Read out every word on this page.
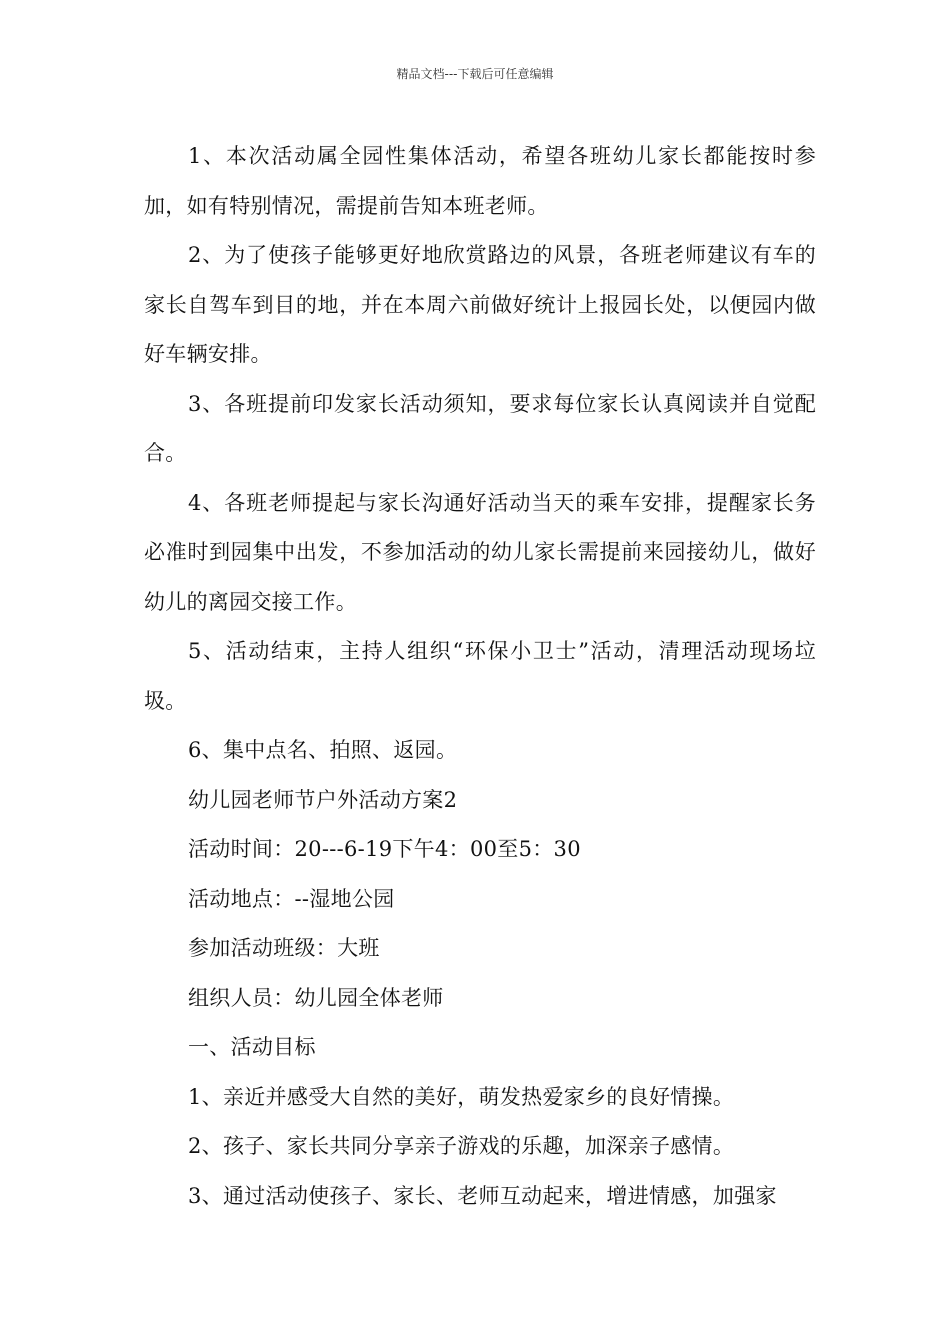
精品文档---下载后可任意编辑

1、本次活动属全园性集体活动，希望各班幼儿家长都能按时参加，如有特别情况，需提前告知本班老师。

2、为了使孩子能够更好地欣赏路边的风景，各班老师建议有车的家长自驾车到目的地，并在本周六前做好统计上报园长处，以便园内做好车辆安排。

3、各班提前印发家长活动须知，要求每位家长认真阅读并自觉配合。

4、各班老师提起与家长沟通好活动当天的乘车安排，提醒家长务必准时到园集中出发，不参加活动的幼儿家长需提前来园接幼儿，做好幼儿的离园交接工作。

5、活动结束，主持人组织“环保小卫士”活动，清理活动现场垃圾。

6、集中点名、拍照、返园。

幼儿园老师节户外活动方案2

活动时间：20---6-19下午4：00至5：30

活动地点：--湿地公园

参加活动班级：大班

组织人员：幼儿园全体老师

一、活动目标

1、亲近并感受大自然的美好，萌发热爱家乡的良好情操。

2、孩子、家长共同分享亲子游戏的乐趣，加深亲子感情。

3、通过活动使孩子、家长、老师互动起来，增进情感，加强家
